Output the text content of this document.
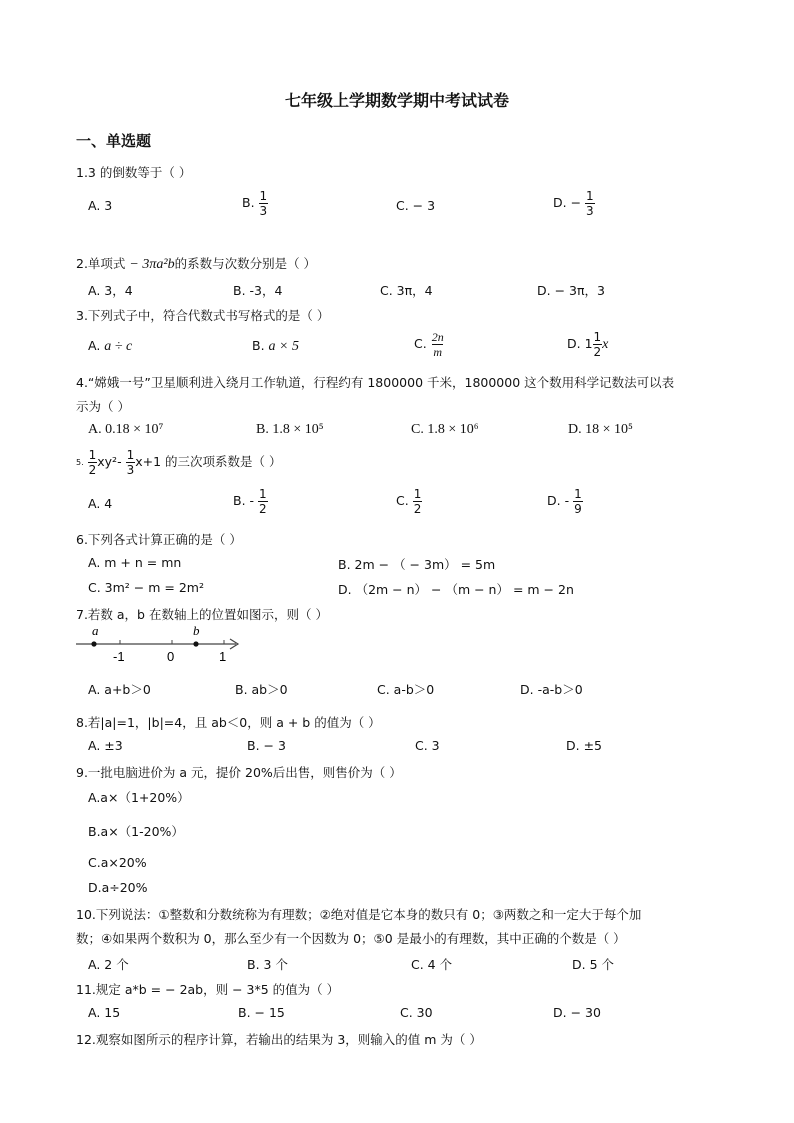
七年级上学期数学期中考试试卷
一、单选题
1.3 的倒数等于（ ）
A. 3	B. $\frac{1}{3}$	C. − 3	D. − $\frac{1}{3}$
2.单项式 − 3πa²b的系数与次数分别是（ ）
A. 3，4	B. -3，4	C. 3π，4	D. − 3π，3
3.下列式子中，符合代数式书写格式的是（ ）
A. a ÷ c	B. a × 5	C. $\frac{2n}{m}$	D. $1 \frac{1}{2}$ x
4.“嫦娥一号”卫星顺利进入绕月工作轨道，行程约有 1800000 千米，1800000 这个数用科学记数法可以表
示为（ ）
A. 0.18 × 10⁷	B. 1.8 × 10⁵	C. 1.8 × 10⁶	D. 18 × 10⁵
5. $\frac{1}{2} xy^2- \frac{1}{3} x+1$ 的三次项系数是（ ）
A. 4	B. - $\frac{1}{2}$	C. $\frac{1}{2}$	D. - $\frac{1}{9}$
6.下列各式计算正确的是（ ）
A. m + n = mn	B. 2m − （ − 3m） = 5m
C. 3m² − m = 2m²	D. （2m − n） − （m − n） = m − 2n
7.若数 a，b 在数轴上的位置如图示，则（ ）
a	b
-1	0	1
A. a+b＞0	B. ab＞0	C. a-b＞0	D. -a-b＞0
8.若|a|=1，|b|=4，且 ab＜0，则 a + b 的值为（ ）
A. ±3	B. − 3	C. 3	D. ±5
9.一批电脑进价为 a 元，提价 20%后出售，则售价为（ ）
A.a×（1+20%）
B.a×（1-20%）
C.a×20%
D.a÷20%
10.下列说法：①整数和分数统称为有理数；②绝对值是它本身的数只有 0；③两数之和一定大于每个加
数；④如果两个数积为 0，那么至少有一个因数为 0；⑤0 是最小的有理数，其中正确的个数是（ ）
A. 2 个	B. 3 个	C. 4 个	D. 5 个
11.规定 a*b = − 2ab，则 − 3*5 的值为（ ）
A. 15	B. − 15	C. 30	D. − 30
12.观察如图所示的程序计算，若输出的结果为 3，则输入的值 m 为（ ）
